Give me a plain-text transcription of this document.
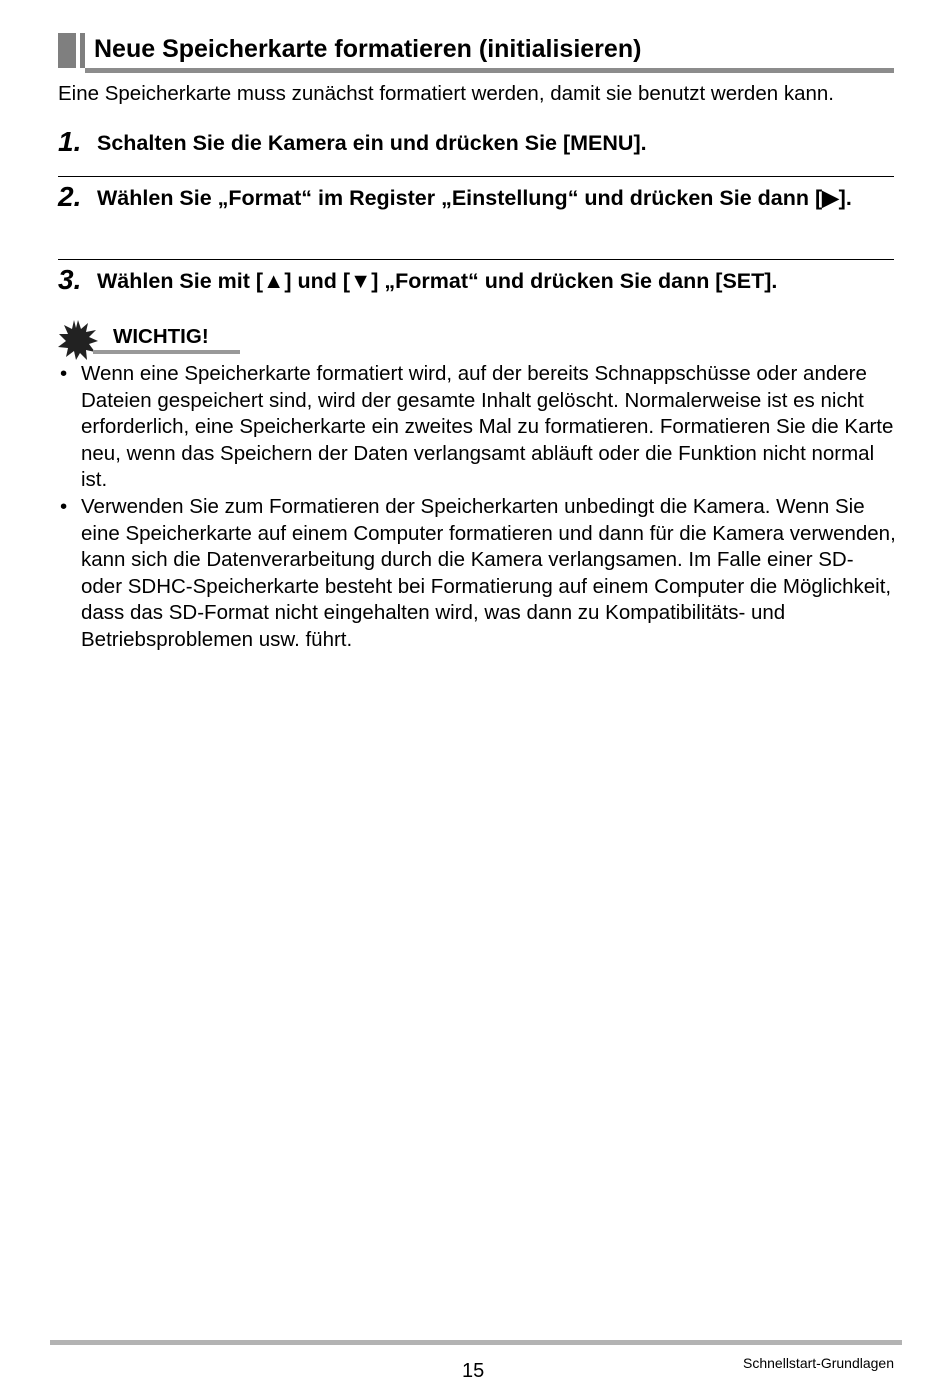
Neue Speicherkarte formatieren (initialisieren)
Eine Speicherkarte muss zunächst formatiert werden, damit sie benutzt werden kann.
1. Schalten Sie die Kamera ein und drücken Sie [MENU].
2. Wählen Sie „Format“ im Register „Einstellung“ und drücken Sie dann [▶].
3. Wählen Sie mit [▲] und [▼] „Format“ und drücken Sie dann [SET].
WICHTIG!
• Wenn eine Speicherkarte formatiert wird, auf der bereits Schnappschüsse oder andere Dateien gespeichert sind, wird der gesamte Inhalt gelöscht. Normalerweise ist es nicht erforderlich, eine Speicherkarte ein zweites Mal zu formatieren. Formatieren Sie die Karte neu, wenn das Speichern der Daten verlangsamt abläuft oder die Funktion nicht normal ist.
• Verwenden Sie zum Formatieren der Speicherkarten unbedingt die Kamera. Wenn Sie eine Speicherkarte auf einem Computer formatieren und dann für die Kamera verwenden, kann sich die Datenverarbeitung durch die Kamera verlangsamen. Im Falle einer SD- oder SDHC-Speicherkarte besteht bei Formatierung auf einem Computer die Möglichkeit, dass das SD-Format nicht eingehalten wird, was dann zu Kompatibilitäts- und Betriebsproblemen usw. führt.
15	Schnellstart-Grundlagen
